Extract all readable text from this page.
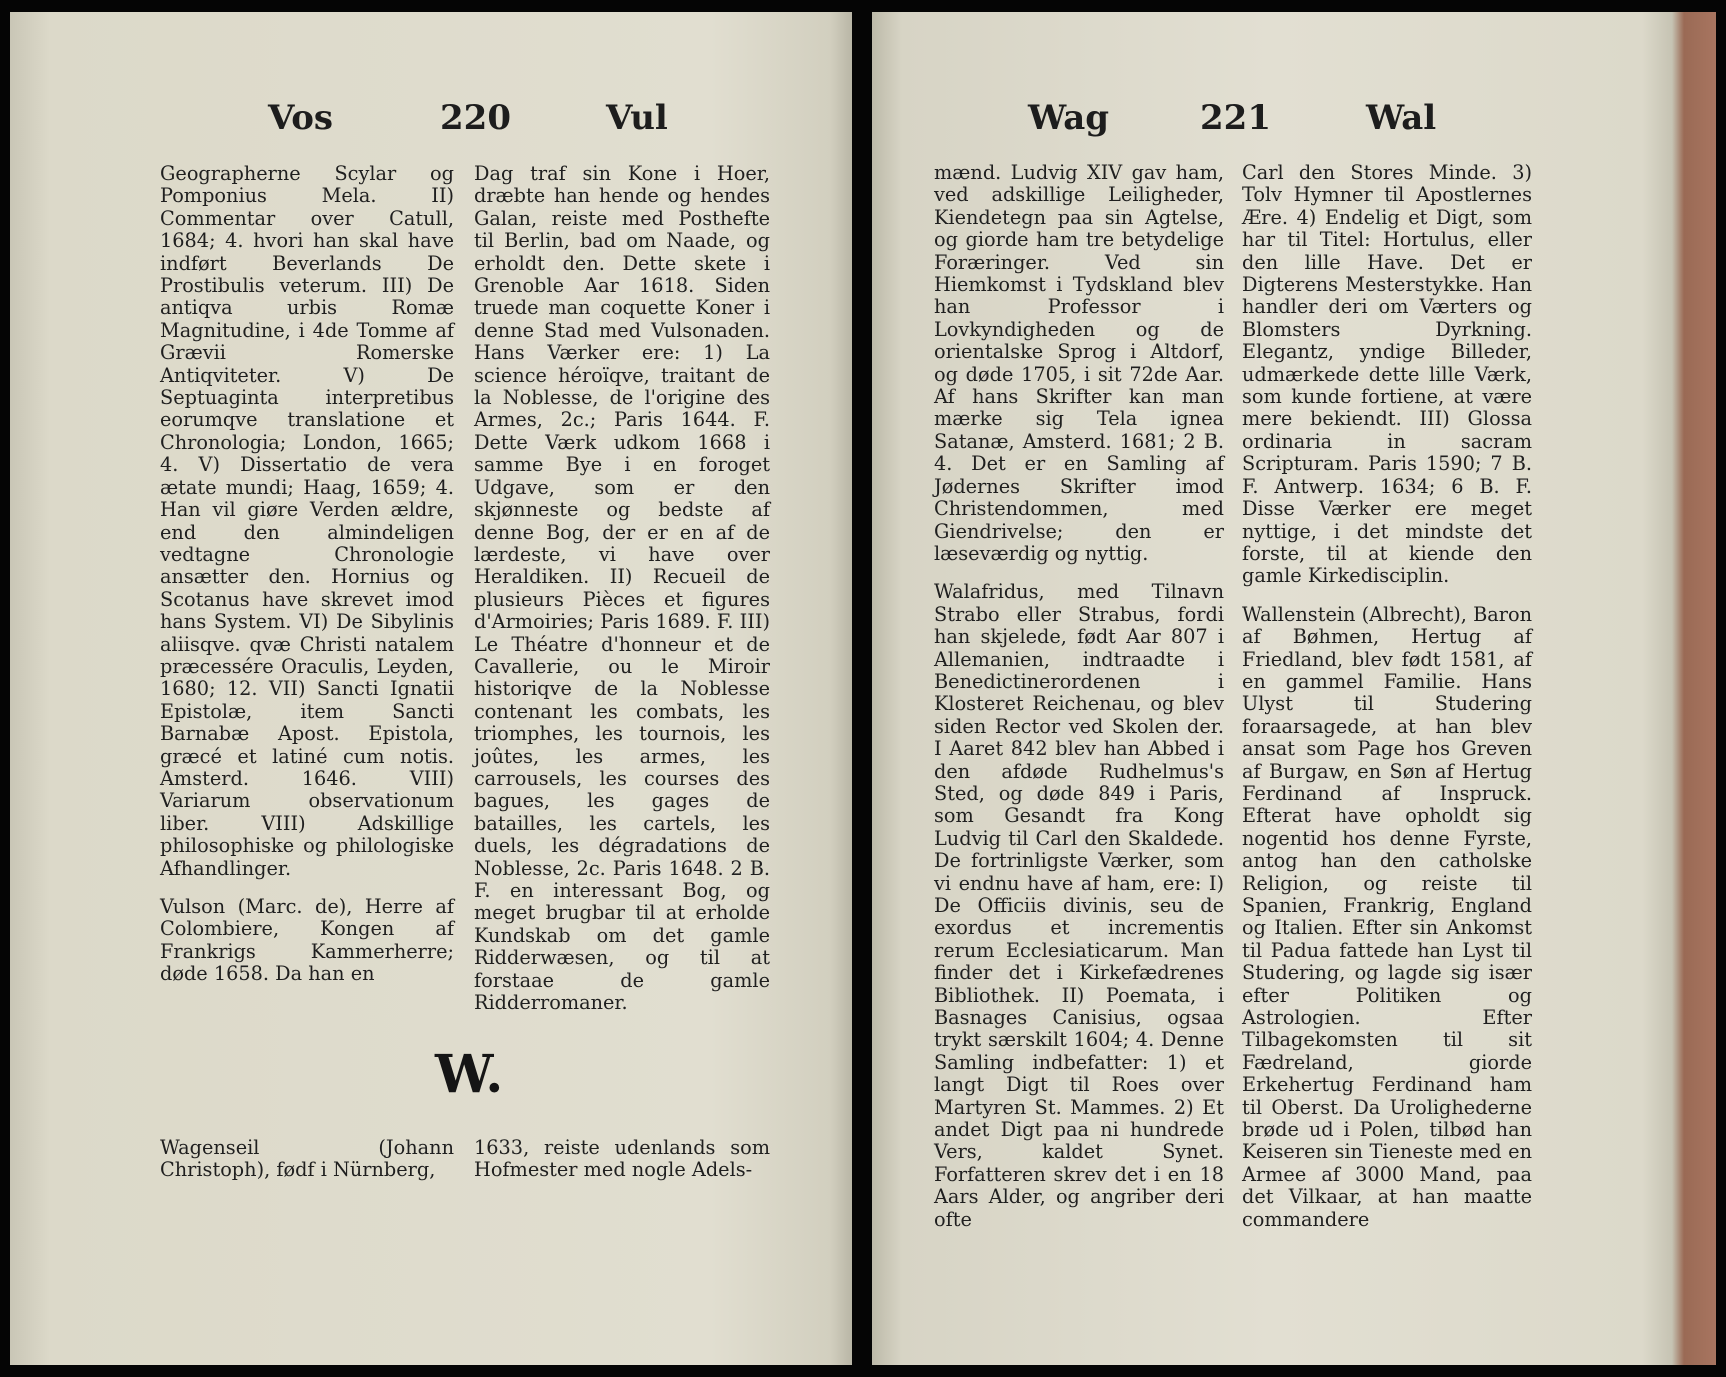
Vos	220	Vul

Geographerne Scylar og Pomponius Mela. II) Commentar over Catull, 1684; 4. hvori han skal have indført Beverlands De Prostibulis veterum. III) De antiqva urbis Romæ Magnitudine, i 4de Tomme af Grævii Romerske Antiqviteter. V) De Septuaginta interpretibus eorumqve translatione et Chronologia; London, 1665; 4. V) Dissertatio de vera ætate mundi; Haag, 1659; 4. Han vil giøre Verden ældre, end den almindeligen vedtagne Chronologie ansætter den. Hornius og Scotanus have skrevet imod hans System. VI) De Sibylinis aliisqve. qvæ Christi natalem præcessére Oraculis, Leyden, 1680; 12. VII) Sancti Ignatii Epistolæ, item Sancti Barnabæ Apost. Epistola, græcé et latiné cum notis. Amsterd. 1646. VIII) Variarum observationum liber. VIII) Adskillige philosophiske og philologiske Afhandlinger.

Vulson (Marc. de), Herre af Colombiere, Kongen af Frankrigs Kammerherre; døde 1658. Da han en

Dag traf sin Kone i Hoer, dræbte han hende og hendes Galan, reiste med Posthefte til Berlin, bad om Naade, og erholdt den. Dette skete i Grenoble Aar 1618. Siden truede man coquette Koner i denne Stad med Vulsonaden. Hans Værker ere: 1) La science héroïqve, traitant de la Noblesse, de l'origine des Armes, 2c.; Paris 1644. F. Dette Værk udkom 1668 i samme Bye i en foroget Udgave, som er den skjønneste og bedste af denne Bog, der er en af de lærdeste, vi have over Heraldiken. II) Recueil de plusieurs Pièces et figures d'Armoiries; Paris 1689. F. III) Le Théatre d'honneur et de Cavallerie, ou le Miroir historiqve de la Noblesse contenant les combats, les triomphes, les tournois, les joûtes, les armes, les carrousels, les courses des bagues, les gages de batailles, les cartels, les duels, les dégradations de Noblesse, 2c. Paris 1648. 2 B. F. en interessant Bog, og meget brugbar til at erholde Kundskab om det gamle Ridderwæsen, og til at forstaae de gamle Ridderromaner.

W.

Wagenseil (Johann Christoph), fødf i Nürnberg,

1633, reiste udenlands som Hofmester med nogle Adels-

Wag	221	Wal

mænd. Ludvig XIV gav ham, ved adskillige Leiligheder, Kiendetegn paa sin Agtelse, og giorde ham tre betydelige Foræringer. Ved sin Hiemkomst i Tydskland blev han Professor i Lovkyndigheden og de orientalske Sprog i Altdorf, og døde 1705, i sit 72de Aar. Af hans Skrifter kan man mærke sig Tela ignea Satanæ, Amsterd. 1681; 2 B. 4. Det er en Samling af Jødernes Skrifter imod Christendommen, med Giendrivelse; den er læseværdig og nyttig.

Walafridus, med Tilnavn Strabo eller Strabus, fordi han skjelede, født Aar 807 i Allemanien, indtraadte i Benedictinerordenen i Klosteret Reichenau, og blev siden Rector ved Skolen der. I Aaret 842 blev han Abbed i den afdøde Rudhelmus's Sted, og døde 849 i Paris, som Gesandt fra Kong Ludvig til Carl den Skaldede. De fortrinligste Værker, som vi endnu have af ham, ere: I) De Officiis divinis, seu de exordus et incrementis rerum Ecclesiaticarum. Man finder det i Kirkefædrenes Bibliothek. II) Poemata, i Basnages Canisius, ogsaa trykt særskilt 1604; 4. Denne Samling indbefatter: 1) et langt Digt til Roes over Martyren St. Mammes. 2) Et andet Digt paa ni hundrede Vers, kaldet Synet. Forfatteren skrev det i en 18 Aars Alder, og angriber deri ofte

Carl den Stores Minde. 3) Tolv Hymner til Apostlernes Ære. 4) Endelig et Digt, som har til Titel: Hortulus, eller den lille Have. Det er Digterens Mesterstykke. Han handler deri om Værters og Blomsters Dyrkning. Elegantz, yndige Billeder, udmærkede dette lille Værk, som kunde fortiene, at være mere bekiendt. III) Glossa ordinaria in sacram Scripturam. Paris 1590; 7 B. F. Antwerp. 1634; 6 B. F. Disse Værker ere meget nyttige, i det mindste det forste, til at kiende den gamle Kirkedisciplin.

Wallenstein (Albrecht), Baron af Bøhmen, Hertug af Friedland, blev født 1581, af en gammel Familie. Hans Ulyst til Studering foraarsagede, at han blev ansat som Page hos Greven af Burgaw, en Søn af Hertug Ferdinand af Inspruck. Efterat have opholdt sig nogentid hos denne Fyrste, antog han den catholske Religion, og reiste til Spanien, Frankrig, England og Italien. Efter sin Ankomst til Padua fattede han Lyst til Studering, og lagde sig især efter Politiken og Astrologien. Efter Tilbagekomsten til sit Fædreland, giorde Erkehertug Ferdinand ham til Oberst. Da Urolighederne brøde ud i Polen, tilbød han Keiseren sin Tieneste med en Armee af 3000 Mand, paa det Vilkaar, at han maatte commandere
